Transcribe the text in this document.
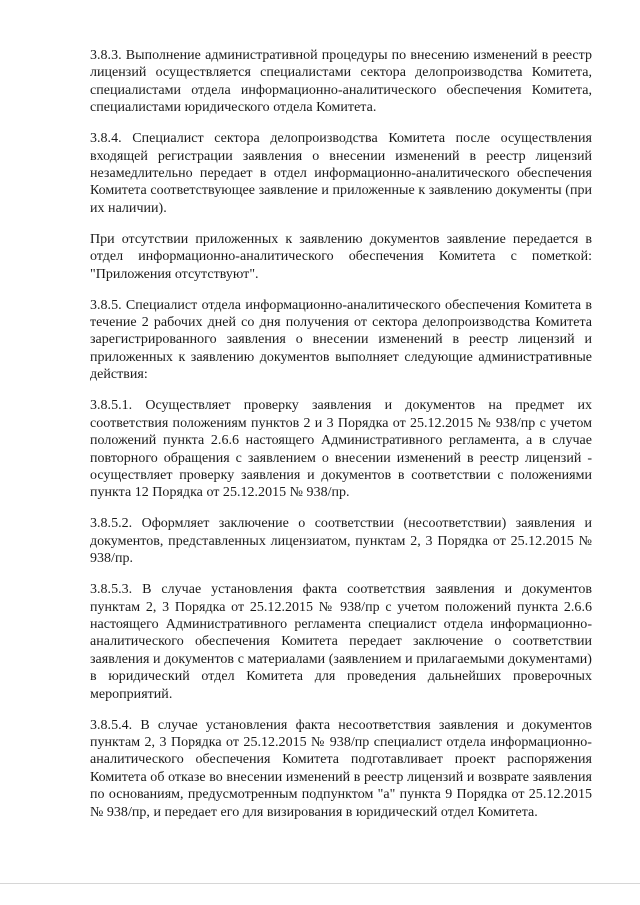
3.8.3. Выполнение административной процедуры по внесению изменений в реестр лицензий осуществляется специалистами сектора делопроизводства Комитета, специалистами отдела информационно-аналитического обеспечения Комитета, специалистами юридического отдела Комитета.

3.8.4. Специалист сектора делопроизводства Комитета после осуществления входящей регистрации заявления о внесении изменений в реестр лицензий незамедлительно передает в отдел информационно-аналитического обеспечения Комитета соответствующее заявление и приложенные к заявлению документы (при их наличии).

При отсутствии приложенных к заявлению документов заявление передается в отдел информационно-аналитического обеспечения Комитета с пометкой: "Приложения отсутствуют".

3.8.5. Специалист отдела информационно-аналитического обеспечения Комитета в течение 2 рабочих дней со дня получения от сектора делопроизводства Комитета зарегистрированного заявления о внесении изменений в реестр лицензий и приложенных к заявлению документов выполняет следующие административные действия:

3.8.5.1. Осуществляет проверку заявления и документов на предмет их соответствия положениям пунктов 2 и 3 Порядка от 25.12.2015 № 938/пр с учетом положений пункта 2.6.6 настоящего Административного регламента, а в случае повторного обращения с заявлением о внесении изменений в реестр лицензий - осуществляет проверку заявления и документов в соответствии с положениями пункта 12 Порядка от 25.12.2015 № 938/пр.

3.8.5.2. Оформляет заключение о соответствии (несоответствии) заявления и документов, представленных лицензиатом, пунктам 2, 3 Порядка от 25.12.2015 № 938/пр.

3.8.5.3. В случае установления факта соответствия заявления и документов пунктам 2, 3 Порядка от 25.12.2015 № 938/пр с учетом положений пункта 2.6.6 настоящего Административного регламента специалист отдела информационно-аналитического обеспечения Комитета передает заключение о соответствии заявления и документов с материалами (заявлением и прилагаемыми документами) в юридический отдел Комитета для проведения дальнейших проверочных мероприятий.

3.8.5.4. В случае установления факта несоответствия заявления и документов пунктам 2, 3 Порядка от 25.12.2015 № 938/пр специалист отдела информационно-аналитического обеспечения Комитета подготавливает проект распоряжения Комитета об отказе во внесении изменений в реестр лицензий и возврате заявления по основаниям, предусмотренным подпунктом "а" пункта 9 Порядка от 25.12.2015 № 938/пр, и передает его для визирования в юридический отдел Комитета.
